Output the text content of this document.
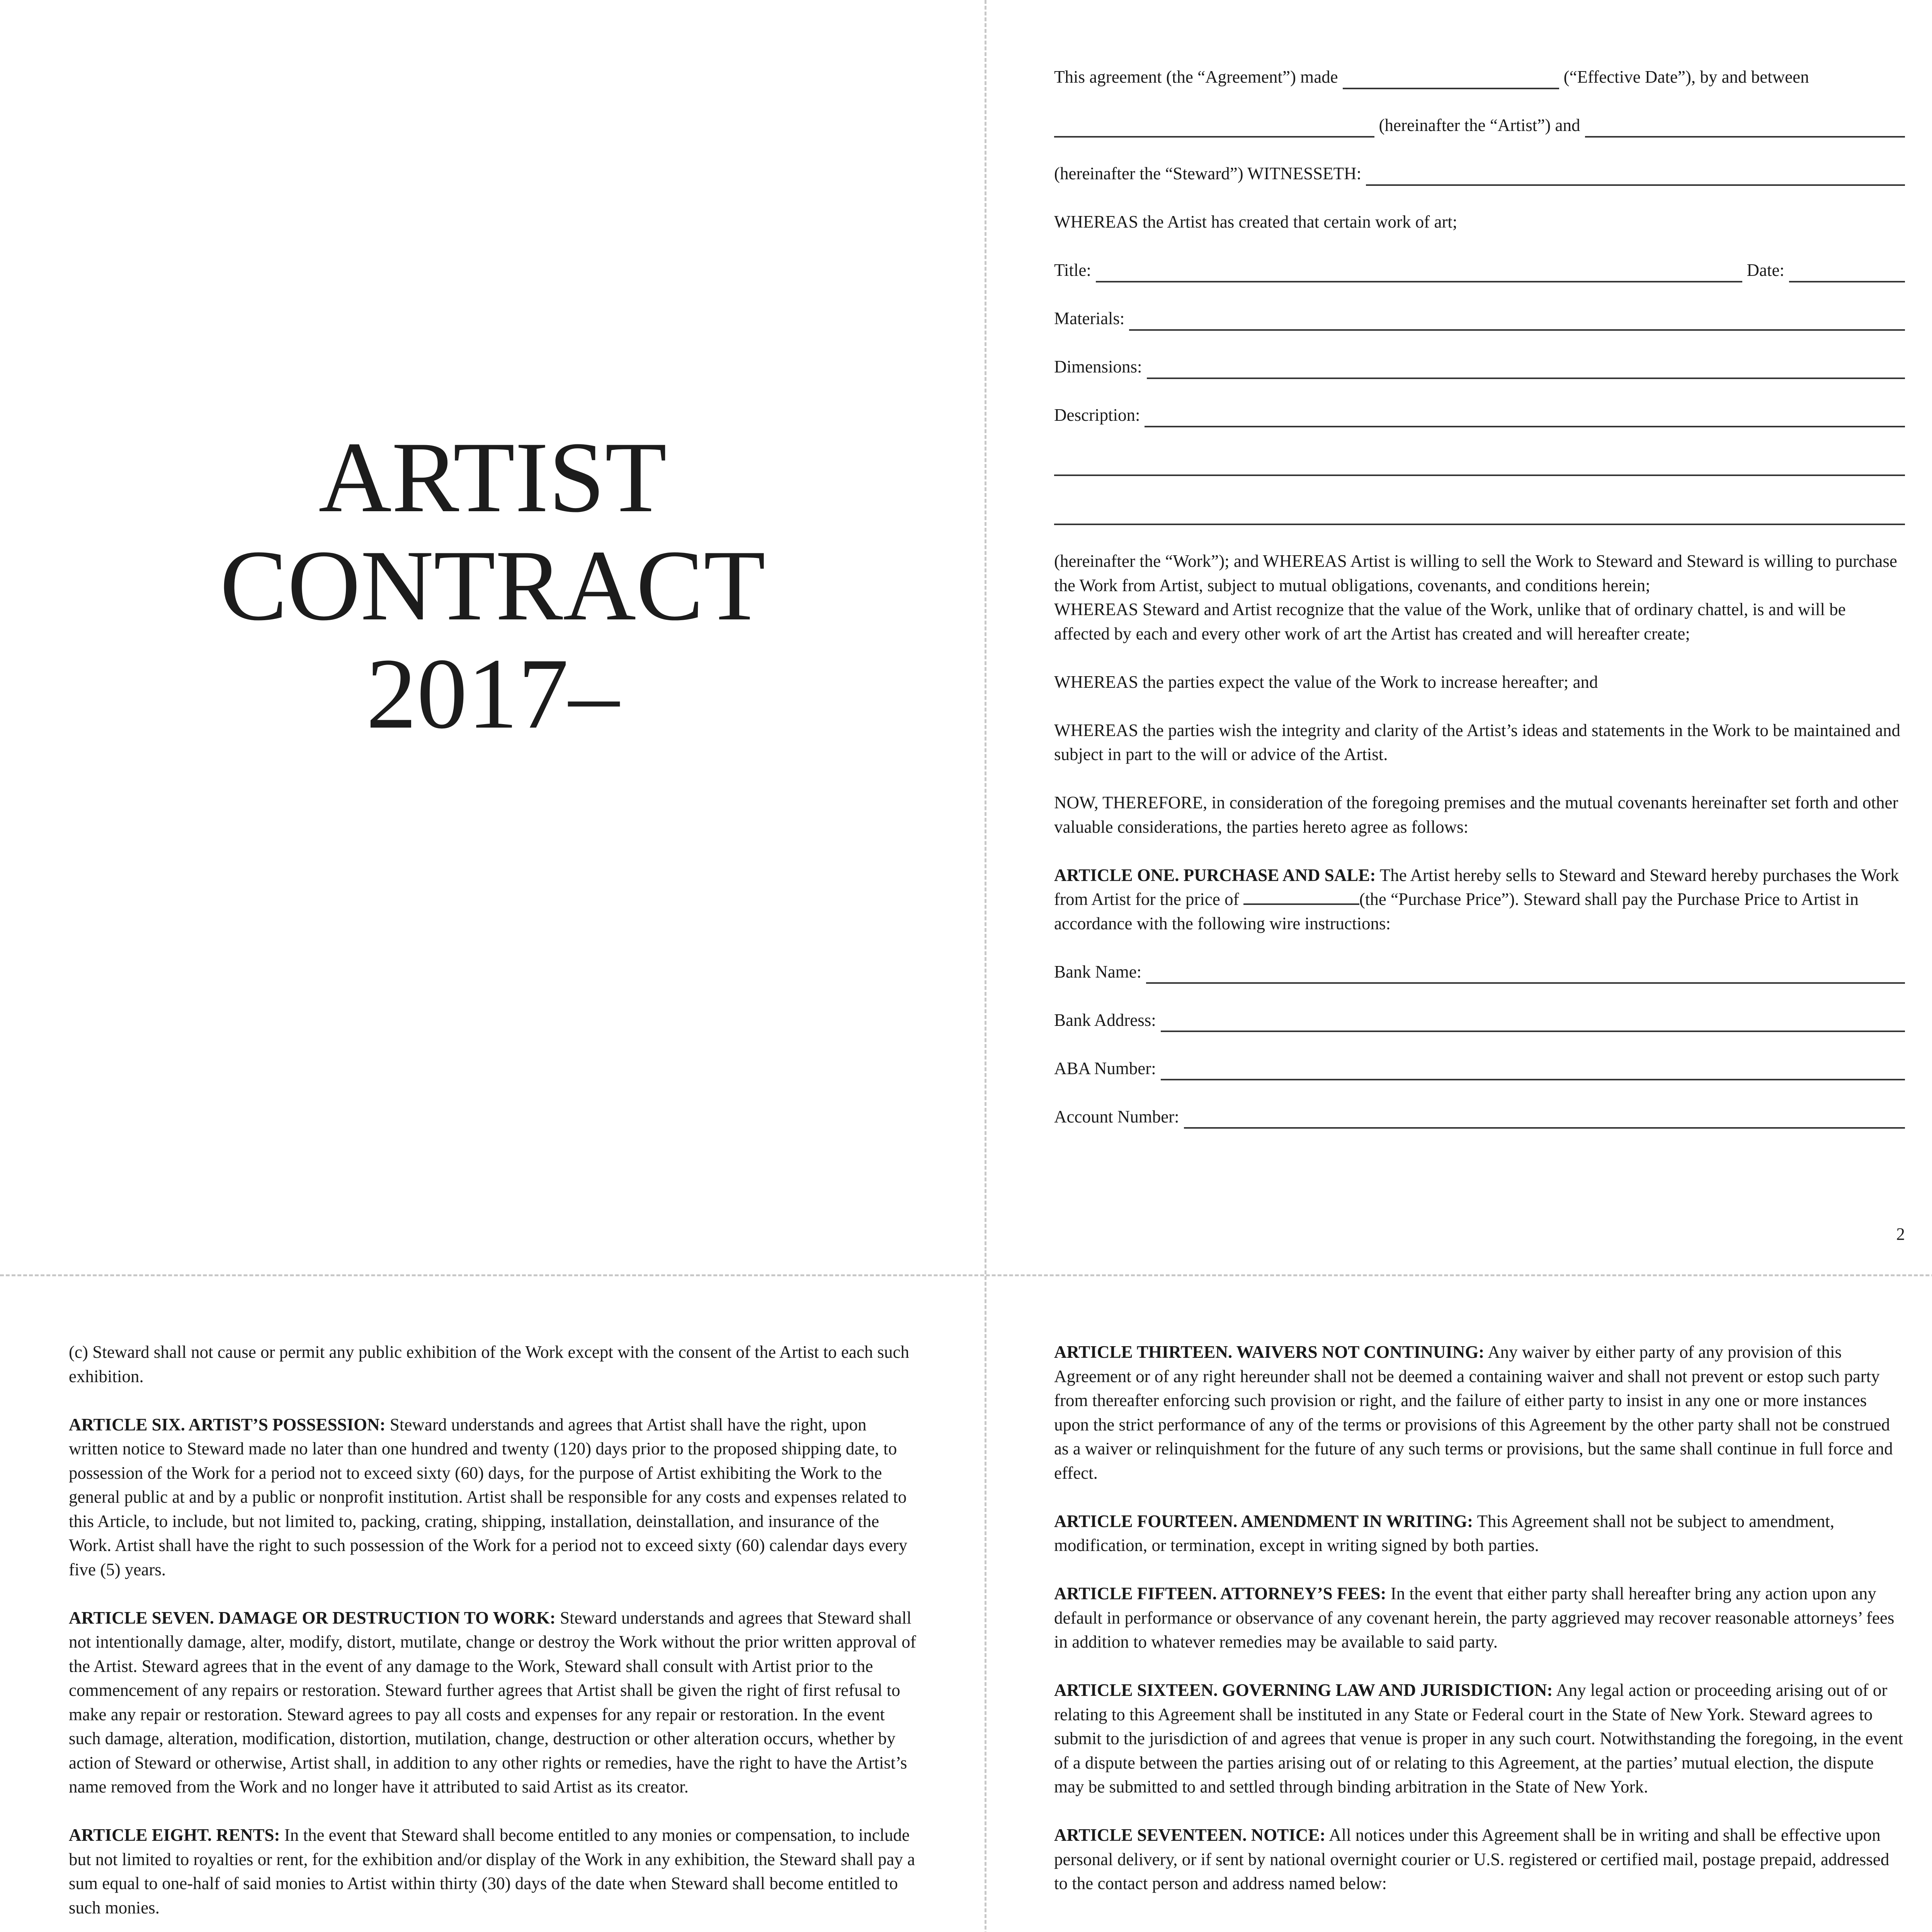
ARTIST
CONTRACT
2017–
This agreement (the “Agreement”) made	(“Effective Date”), by and between
(hereinafter the “Artist”) and
(hereinafter the “Steward”) WITNESSETH:

WHEREAS the Artist has created that certain work of art;

Title:	Date:
Materials:
Dimensions:
Description:

(hereinafter the “Work”); and WHEREAS Artist is willing to sell the Work to Steward and Steward is willing to purchase the Work from Artist, subject to mutual obligations, covenants, and conditions herein;

WHEREAS Steward and Artist recognize that the value of the Work, unlike that of ordinary chattel, is and will be affected by each and every other work of art the Artist has created and will hereafter create;

WHEREAS the parties expect the value of the Work to increase hereafter; and

WHEREAS the parties wish the integrity and clarity of the Artist’s ideas and statements in the Work to be maintained and subject in part to the will or advice of the Artist.

NOW, THEREFORE, in consideration of the foregoing premises and the mutual covenants hereinafter set forth and other valuable considerations, the parties hereto agree as follows:

ARTICLE ONE. PURCHASE AND SALE: The Artist hereby sells to Steward and Steward hereby purchases the Work from Artist for the price of	(the “Purchase Price”). Steward shall pay the Purchase Price to Artist in accordance with the following wire instructions:

Bank Name:
Bank Address:
ABA Number:
Account Number:
2

(c) Steward shall not cause or permit any public exhibition of the Work except with the consent of the Artist to each such exhibition.

ARTICLE SIX. ARTIST’S POSSESSION: Steward understands and agrees that Artist shall have the right, upon written notice to Steward made no later than one hundred and twenty (120) days prior to the proposed shipping date, to possession of the Work for a period not to exceed sixty (60) days, for the purpose of Artist exhibiting the Work to the general public at and by a public or nonprofit institution. Artist shall be responsible for any costs and expenses related to this Article, to include, but not limited to, packing, crating, shipping, installation, deinstallation, and insurance of the Work. Artist shall have the right to such possession of the Work for a period not to exceed sixty (60) calendar days every five (5) years.

ARTICLE SEVEN. DAMAGE OR DESTRUCTION TO WORK: Steward understands and agrees that Steward shall not intentionally damage, alter, modify, distort, mutilate, change or destroy the Work without the prior written approval of the Artist. Steward agrees that in the event of any damage to the Work, Steward shall consult with Artist prior to the commencement of any repairs or restoration. Steward further agrees that Artist shall be given the right of first refusal to make any repair or restoration. Steward agrees to pay all costs and expenses for any repair or restoration. In the event such damage, alteration, modification, distortion, mutilation, change, destruction or other alteration occurs, whether by action of Steward or otherwise, Artist shall, in addition to any other rights or remedies, have the right to have the Artist’s name removed from the Work and no longer have it attributed to said Artist as its creator.

ARTICLE EIGHT. RENTS: In the event that Steward shall become entitled to any monies or compensation, to include but not limited to royalties or rent, for the exhibition and/or display of the Work in any exhibition, the Steward shall pay a sum equal to one-half of said monies to Artist within thirty (30) days of the date when Steward shall become entitled to such monies.

ARTICLE THIRTEEN. WAIVERS NOT CONTINUING: Any waiver by either party of any provision of this Agreement or of any right hereunder shall not be deemed a containing waiver and shall not prevent or estop such party from thereafter enforcing such provision or right, and the failure of either party to insist in any one or more instances upon the strict performance of any of the terms or provisions of this Agreement by the other party shall not be construed as a waiver or relinquishment for the future of any such terms or provisions, but the same shall continue in full force and effect.

ARTICLE FOURTEEN. AMENDMENT IN WRITING: This Agreement shall not be subject to amendment, modification, or termination, except in writing signed by both parties.

ARTICLE FIFTEEN. ATTORNEY’S FEES: In the event that either party shall hereafter bring any action upon any default in performance or observance of any covenant herein, the party aggrieved may recover reasonable attorneys’ fees in addition to whatever remedies may be available to said party.

ARTICLE SIXTEEN. GOVERNING LAW AND JURISDICTION: Any legal action or proceeding arising out of or relating to this Agreement shall be instituted in any State or Federal court in the State of New York. Steward agrees to submit to the jurisdiction of and agrees that venue is proper in any such court. Notwithstanding the foregoing, in the event of a dispute between the parties arising out of or relating to this Agreement, at the parties’ mutual election, the dispute may be submitted to and settled through binding arbitration in the State of New York.

ARTICLE SEVENTEEN. NOTICE: All notices under this Agreement shall be in writing and shall be effective upon personal delivery, or if sent by national overnight courier or U.S. registered or certified mail, postage prepaid, addressed to the contact person and address named below:
